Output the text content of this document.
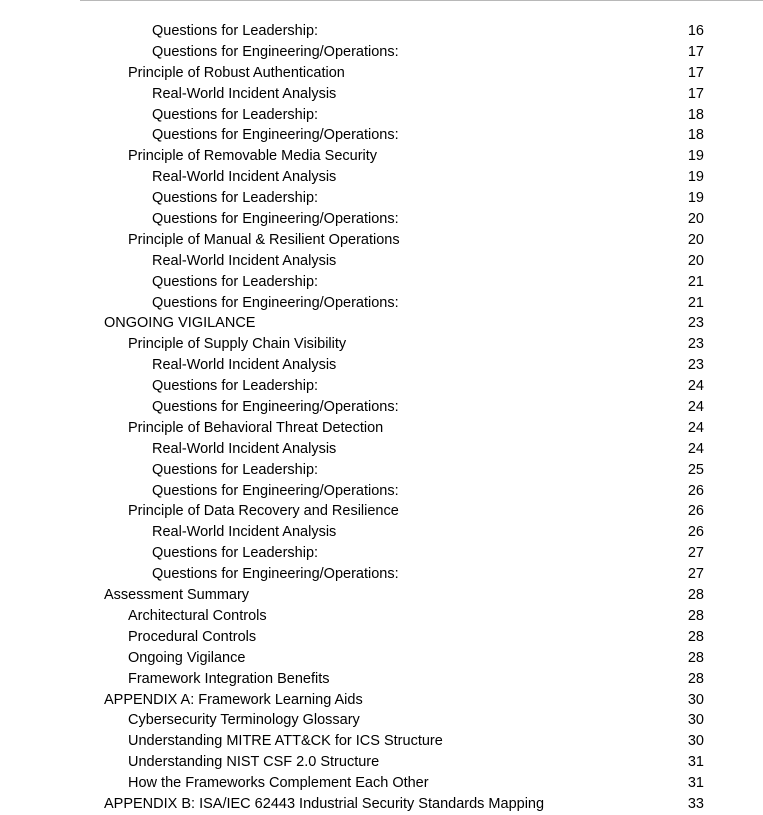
Questions for Leadership:	16
Questions for Engineering/Operations:	17
Principle of Robust Authentication	17
Real-World Incident Analysis	17
Questions for Leadership:	18
Questions for Engineering/Operations:	18
Principle of Removable Media Security	19
Real-World Incident Analysis	19
Questions for Leadership:	19
Questions for Engineering/Operations:	20
Principle of Manual & Resilient Operations	20
Real-World Incident Analysis	20
Questions for Leadership:	21
Questions for Engineering/Operations:	21
ONGOING VIGILANCE	23
Principle of Supply Chain Visibility	23
Real-World Incident Analysis	23
Questions for Leadership:	24
Questions for Engineering/Operations:	24
Principle of Behavioral Threat Detection	24
Real-World Incident Analysis	24
Questions for Leadership:	25
Questions for Engineering/Operations:	26
Principle of Data Recovery and Resilience	26
Real-World Incident Analysis	26
Questions for Leadership:	27
Questions for Engineering/Operations:	27
Assessment Summary	28
Architectural Controls	28
Procedural Controls	28
Ongoing Vigilance	28
Framework Integration Benefits	28
APPENDIX A: Framework Learning Aids	30
Cybersecurity Terminology Glossary	30
Understanding MITRE ATT&CK for ICS Structure	30
Understanding NIST CSF 2.0 Structure	31
How the Frameworks Complement Each Other	31
APPENDIX B: ISA/IEC 62443 Industrial Security Standards Mapping	33
